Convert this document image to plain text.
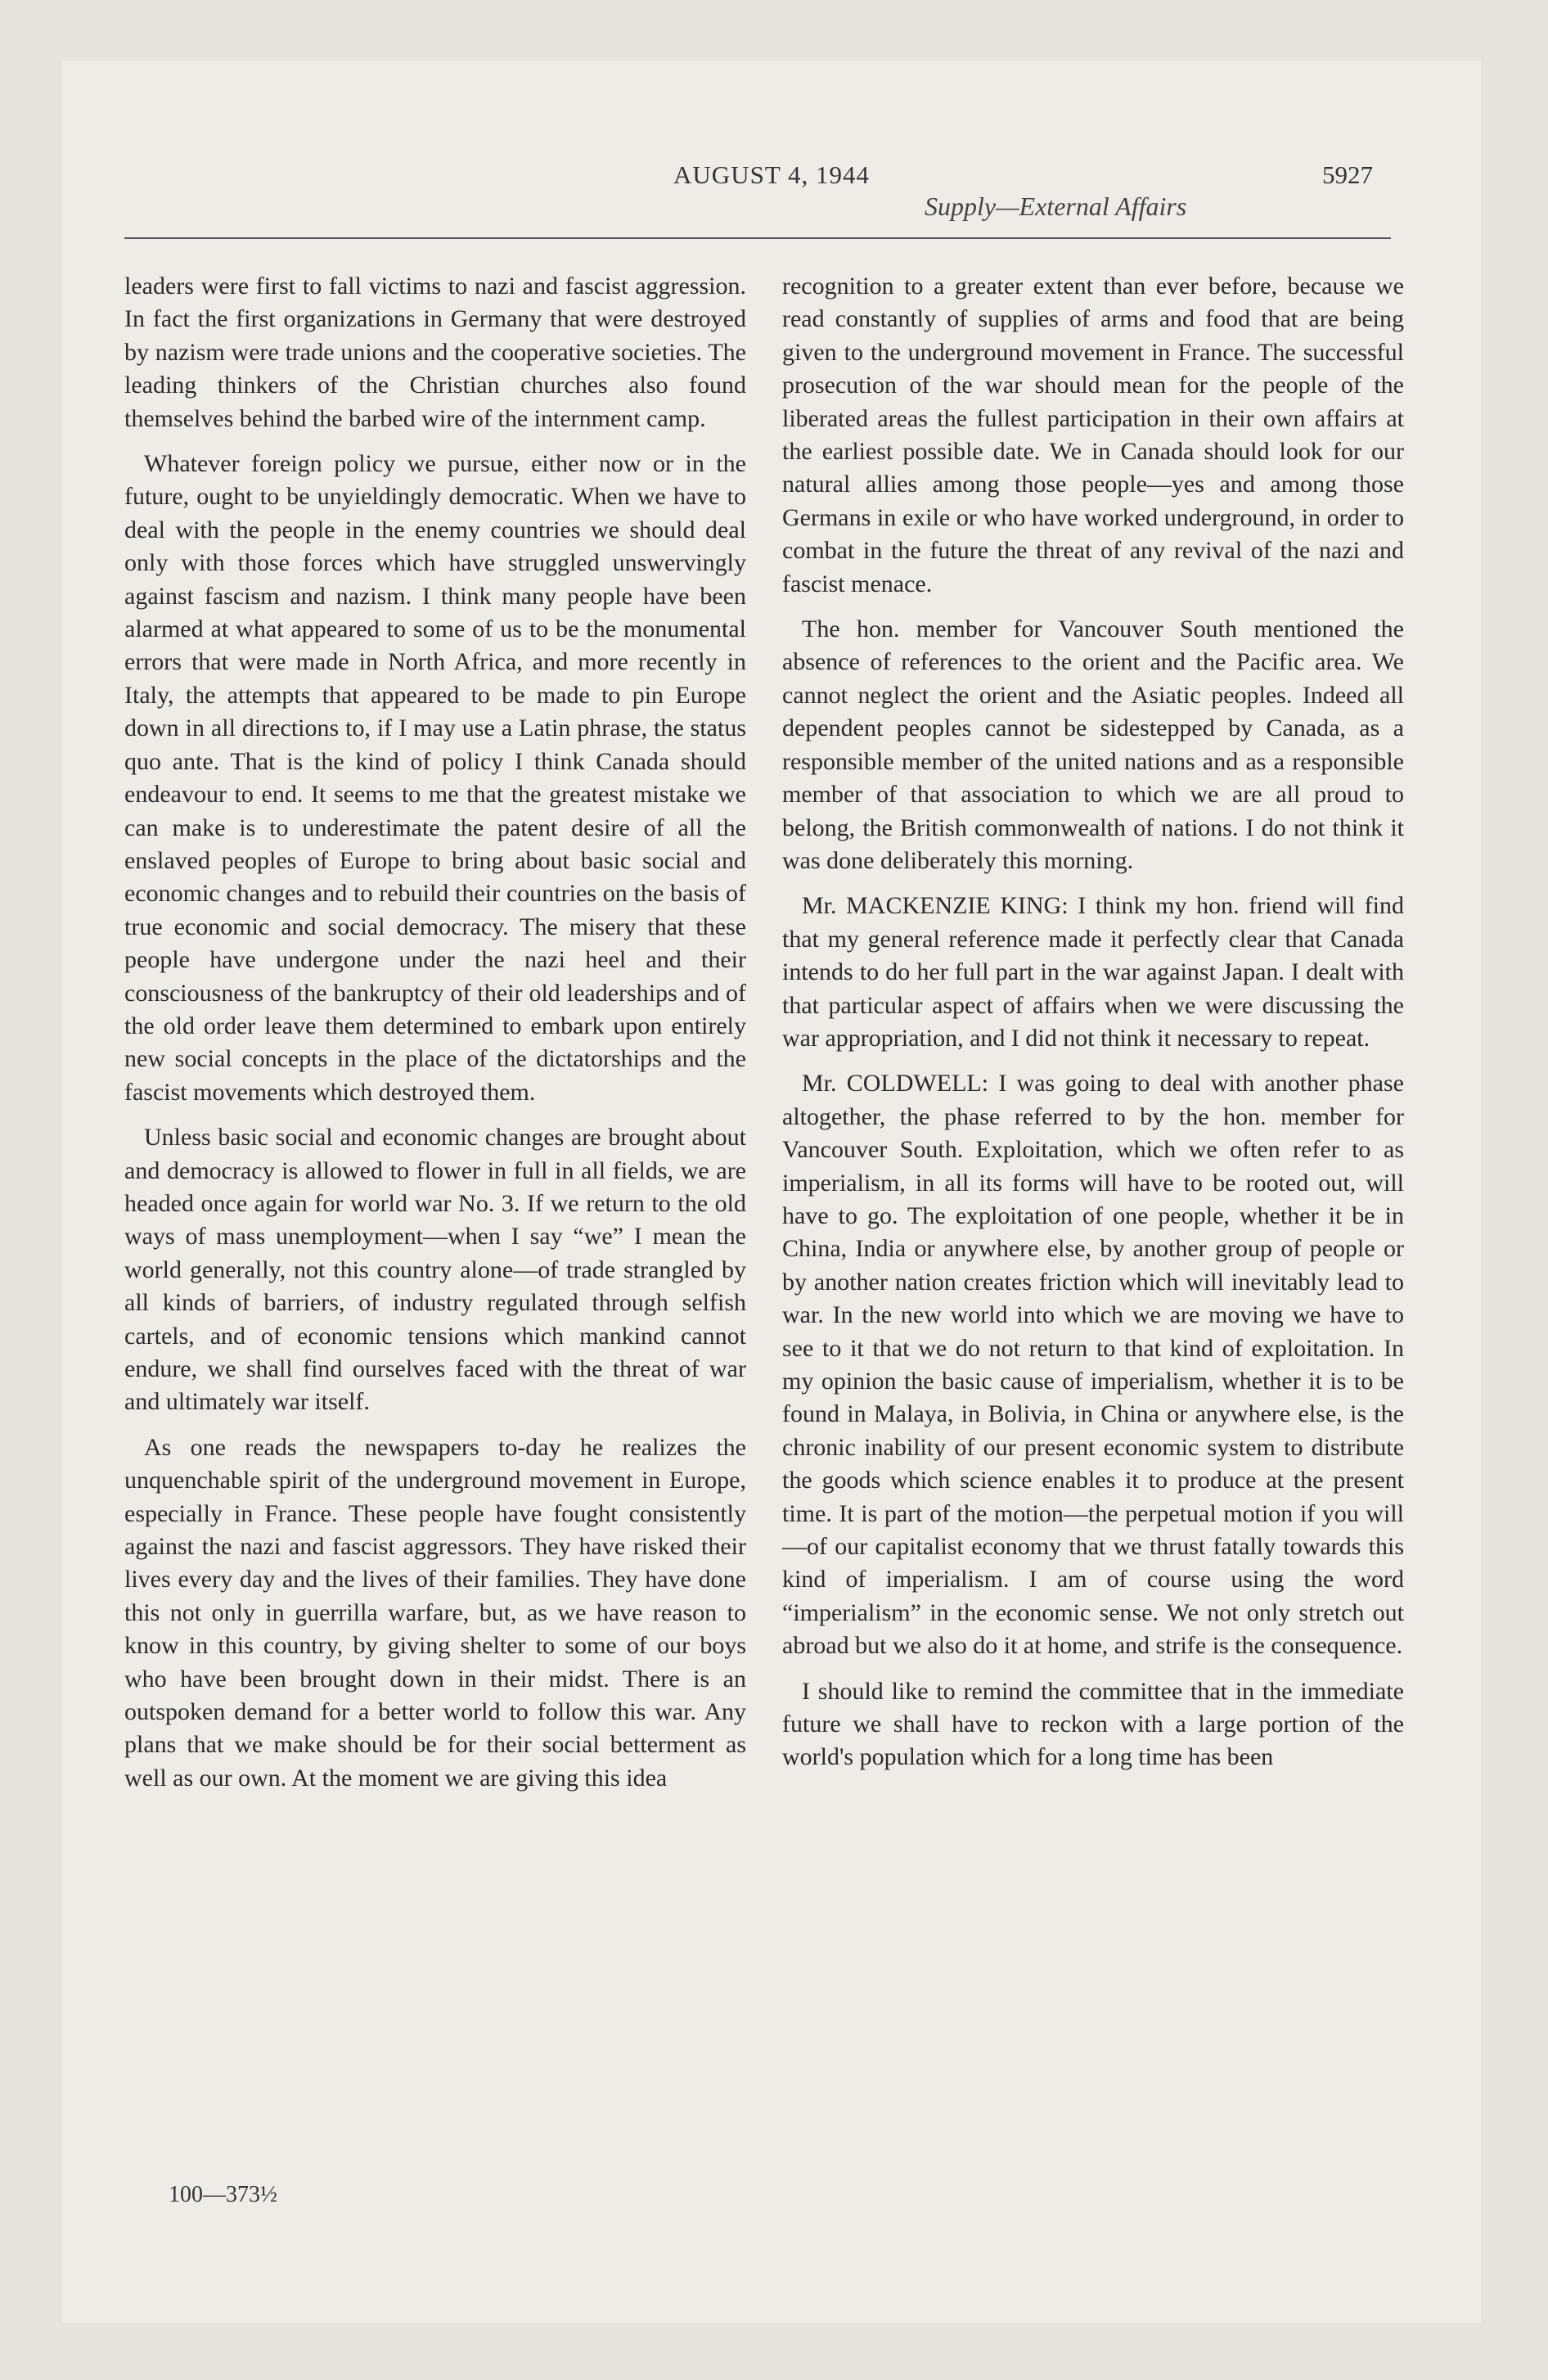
AUGUST 4, 1944	5927
Supply—External Affairs

leaders were first to fall victims to nazi and fascist aggression. In fact the first organizations in Germany that were destroyed by nazism were trade unions and the cooperative societies. The leading thinkers of the Christian churches also found themselves behind the barbed wire of the internment camp.

Whatever foreign policy we pursue, either now or in the future, ought to be unyieldingly democratic. When we have to deal with the people in the enemy countries we should deal only with those forces which have struggled unswervingly against fascism and nazism. I think many people have been alarmed at what appeared to some of us to be the monumental errors that were made in North Africa, and more recently in Italy, the attempts that appeared to be made to pin Europe down in all directions to, if I may use a Latin phrase, the status quo ante. That is the kind of policy I think Canada should endeavour to end. It seems to me that the greatest mistake we can make is to underestimate the patent desire of all the enslaved peoples of Europe to bring about basic social and economic changes and to rebuild their countries on the basis of true economic and social democracy. The misery that these people have undergone under the nazi heel and their consciousness of the bankruptcy of their old leaderships and of the old order leave them determined to embark upon entirely new social concepts in the place of the dictatorships and the fascist movements which destroyed them.

Unless basic social and economic changes are brought about and democracy is allowed to flower in full in all fields, we are headed once again for world war No. 3. If we return to the old ways of mass unemployment—when I say “we” I mean the world generally, not this country alone—of trade strangled by all kinds of barriers, of industry regulated through selfish cartels, and of economic tensions which mankind cannot endure, we shall find ourselves faced with the threat of war and ultimately war itself.

As one reads the newspapers to-day he realizes the unquenchable spirit of the underground movement in Europe, especially in France. These people have fought consistently against the nazi and fascist aggressors. They have risked their lives every day and the lives of their families. They have done this not only in guerrilla warfare, but, as we have reason to know in this country, by giving shelter to some of our boys who have been brought down in their midst. There is an outspoken demand for a better world to follow this war. Any plans that we make should be for their social betterment as well as our own. At the moment we are giving this idea

recognition to a greater extent than ever before, because we read constantly of supplies of arms and food that are being given to the underground movement in France. The successful prosecution of the war should mean for the people of the liberated areas the fullest participation in their own affairs at the earliest possible date. We in Canada should look for our natural allies among those people—yes and among those Germans in exile or who have worked underground, in order to combat in the future the threat of any revival of the nazi and fascist menace.

The hon. member for Vancouver South mentioned the absence of references to the orient and the Pacific area. We cannot neglect the orient and the Asiatic peoples. Indeed all dependent peoples cannot be sidestepped by Canada, as a responsible member of the united nations and as a responsible member of that association to which we are all proud to belong, the British commonwealth of nations. I do not think it was done deliberately this morning.

Mr. MACKENZIE KING: I think my hon. friend will find that my general reference made it perfectly clear that Canada intends to do her full part in the war against Japan. I dealt with that particular aspect of affairs when we were discussing the war appropriation, and I did not think it necessary to repeat.

Mr. COLDWELL: I was going to deal with another phase altogether, the phase referred to by the hon. member for Vancouver South. Exploitation, which we often refer to as imperialism, in all its forms will have to be rooted out, will have to go. The exploitation of one people, whether it be in China, India or anywhere else, by another group of people or by another nation creates friction which will inevitably lead to war. In the new world into which we are moving we have to see to it that we do not return to that kind of exploitation. In my opinion the basic cause of imperialism, whether it is to be found in Malaya, in Bolivia, in China or anywhere else, is the chronic inability of our present economic system to distribute the goods which science enables it to produce at the present time. It is part of the motion—the perpetual motion if you will—of our capitalist economy that we thrust fatally towards this kind of imperialism. I am of course using the word “imperialism” in the economic sense. We not only stretch out abroad but we also do it at home, and strife is the consequence.

I should like to remind the committee that in the immediate future we shall have to reckon with a large portion of the world's population which for a long time has been

100—373½
